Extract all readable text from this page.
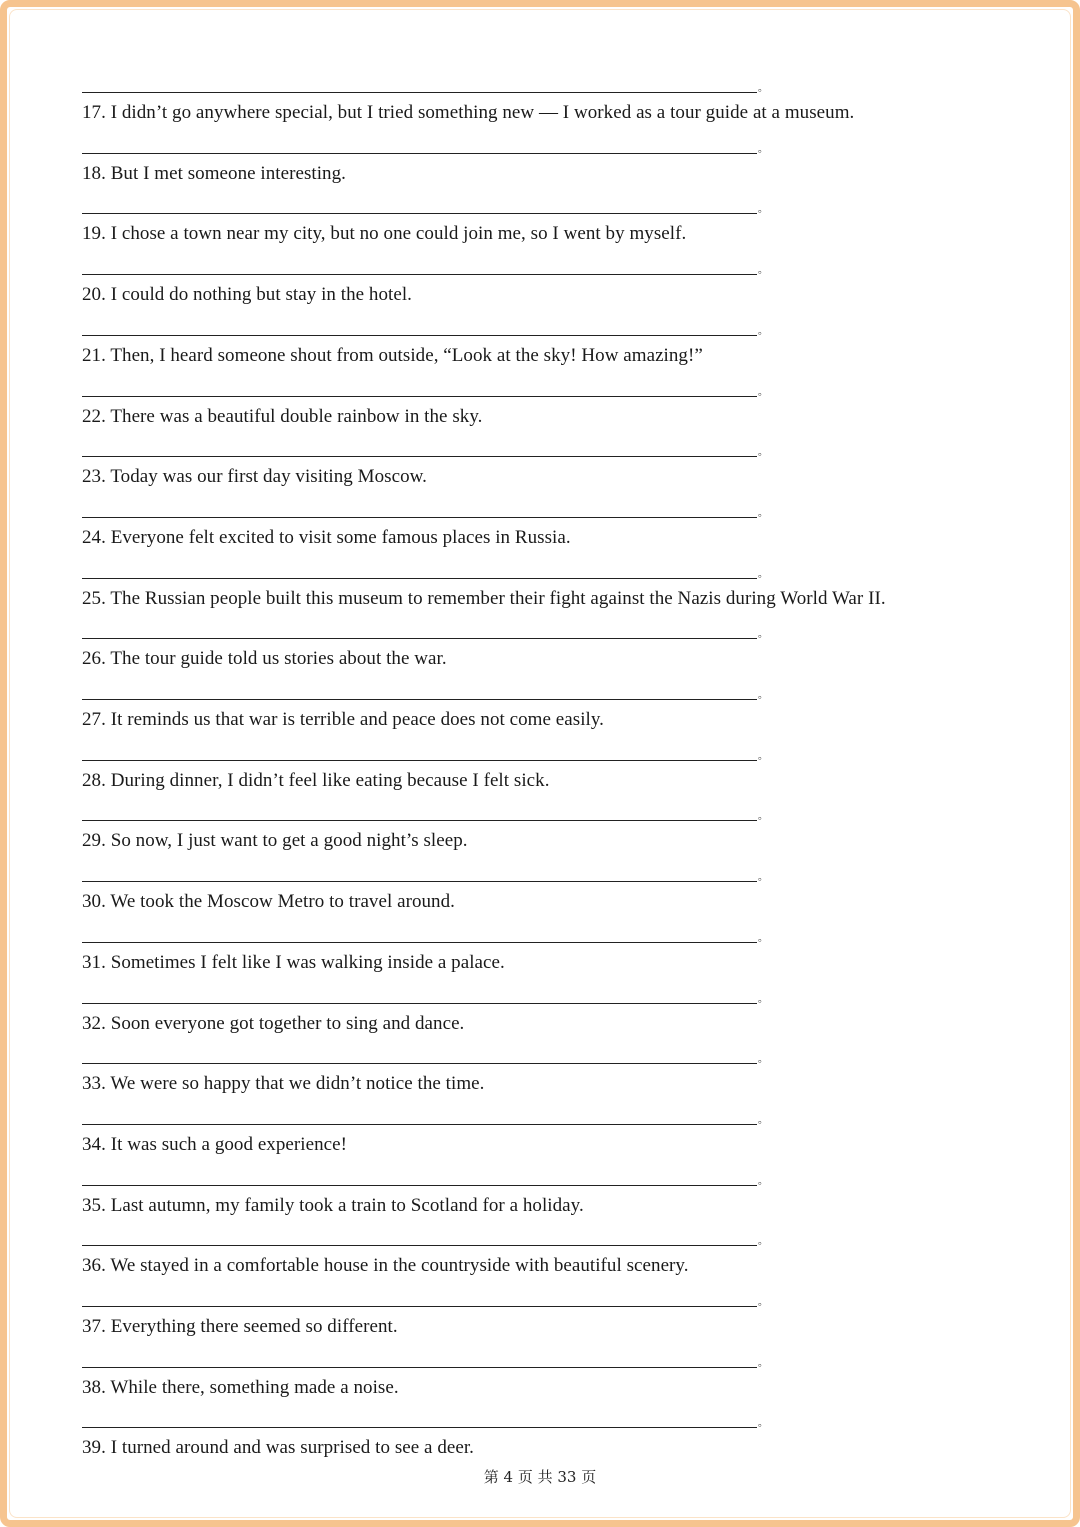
。
17. I didn’t go anywhere special, but I tried something new — I worked as a tour guide at a museum.
。
18. But I met someone interesting.
。
19. I chose a town near my city, but no one could join me, so I went by myself.
。
20. I could do nothing but stay in the hotel.
。
21. Then, I heard someone shout from outside, “Look at the sky! How amazing!”
。
22. There was a beautiful double rainbow in the sky.
。
23. Today was our first day visiting Moscow.
。
24. Everyone felt excited to visit some famous places in Russia.
。
25. The Russian people built this museum to remember their fight against the Nazis during World War II.
。
26. The tour guide told us stories about the war.
。
27. It reminds us that war is terrible and peace does not come easily.
。
28. During dinner, I didn’t feel like eating because I felt sick.
。
29. So now, I just want to get a good night’s sleep.
。
30. We took the Moscow Metro to travel around.
。
31. Sometimes I felt like I was walking inside a palace.
。
32. Soon everyone got together to sing and dance.
。
33. We were so happy that we didn’t notice the time.
。
34. It was such a good experience!
。
35. Last autumn, my family took a train to Scotland for a holiday.
。
36. We stayed in a comfortable house in the countryside with beautiful scenery.
。
37. Everything there seemed so different.
。
38. While there, something made a noise.
。
39. I turned around and was surprised to see a deer.
第 4 页 共 33 页
